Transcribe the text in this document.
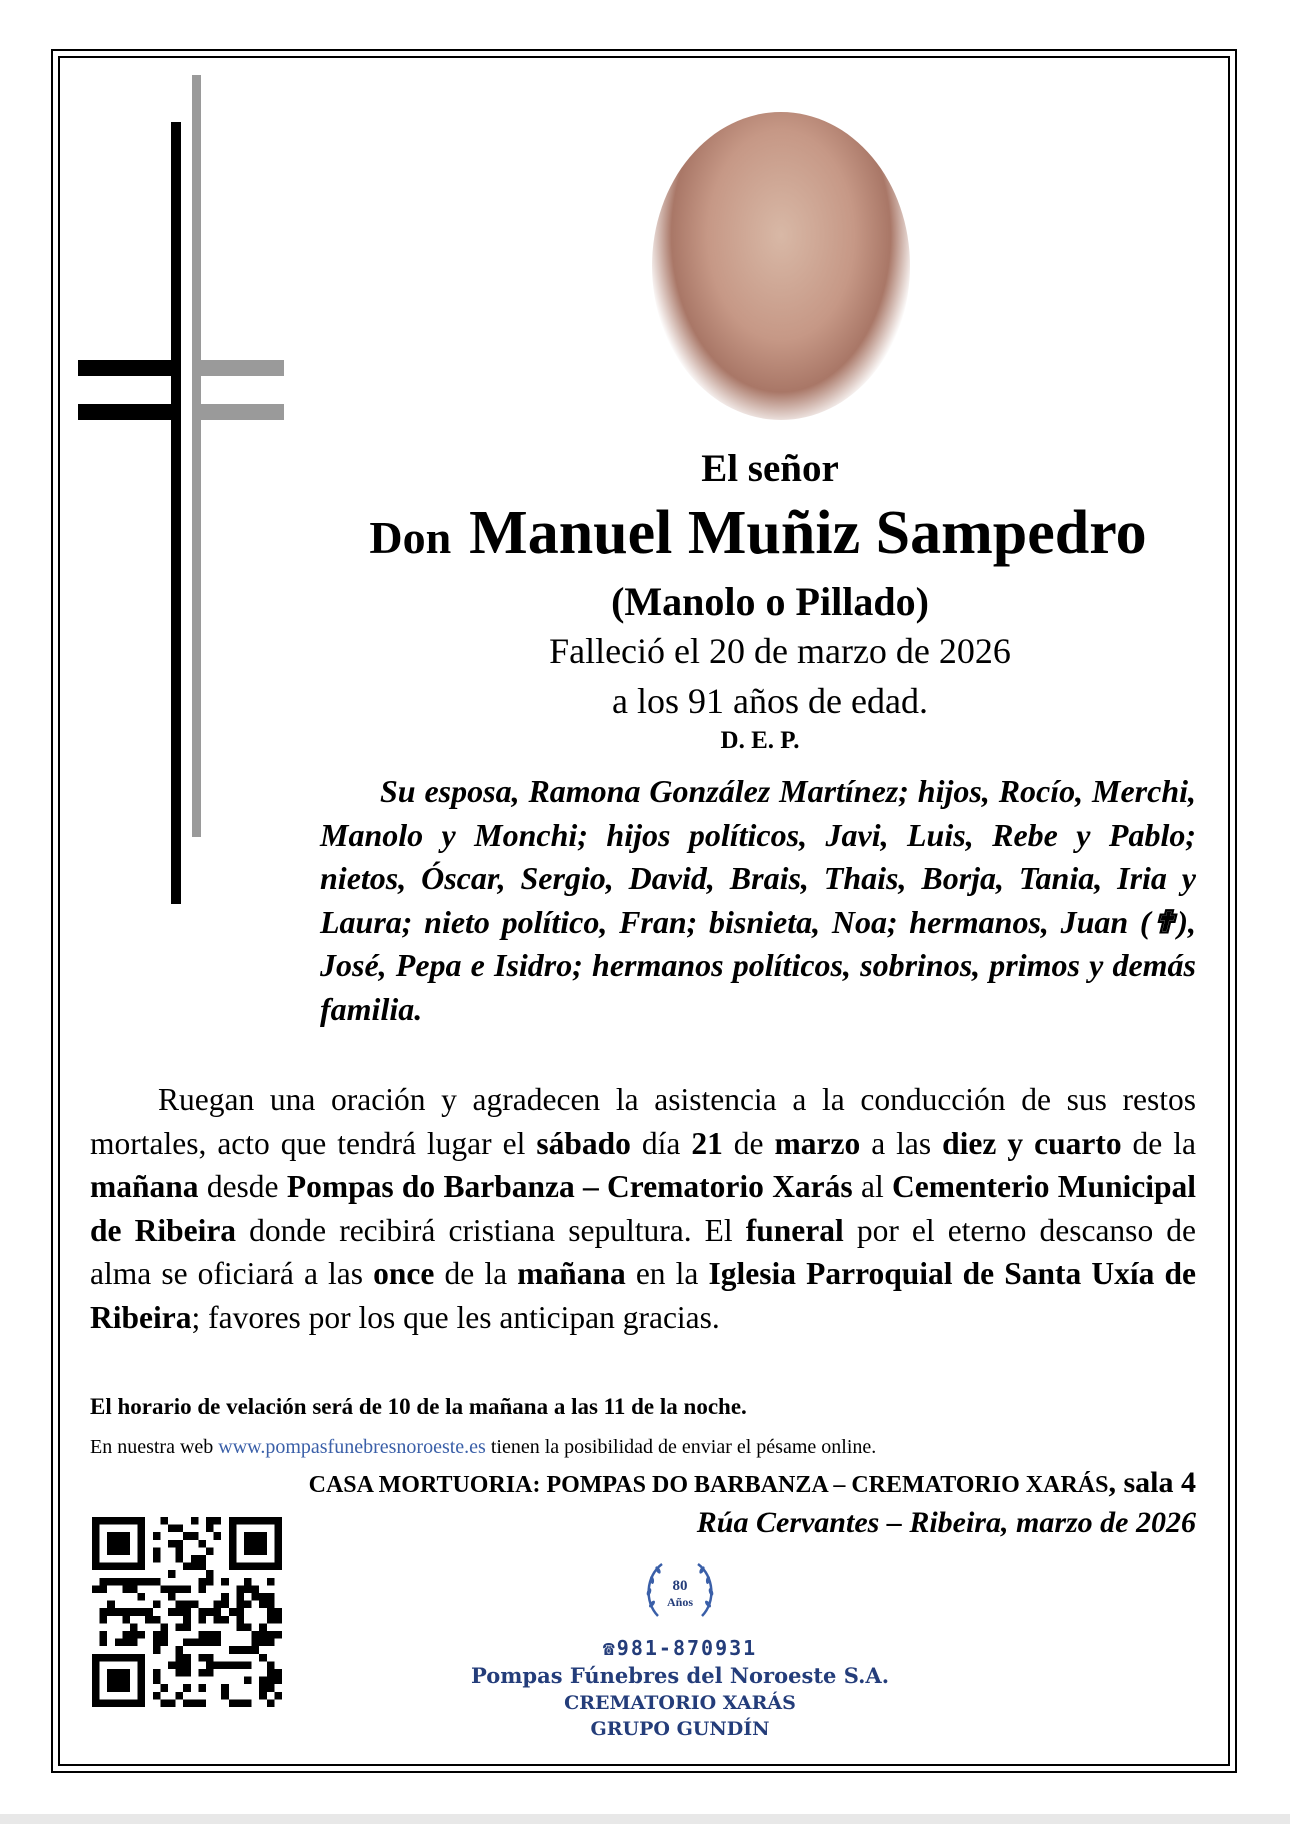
El señor
Don Manuel Muñiz Sampedro
(Manolo o Pillado)
Falleció el 20 de marzo de 2026
a los 91 años de edad.
D. E. P.
Su esposa, Ramona González Martínez; hijos, Rocío, Merchi, Manolo y Monchi; hijos políticos, Javi, Luis, Rebe y Pablo; nietos, Óscar, Sergio, David, Brais, Thais, Borja, Tania, Iria y Laura; nieto político, Fran; bisnieta, Noa; hermanos, Juan (✟), José, Pepa e Isidro; hermanos políticos, sobrinos, primos y demás familia.
Ruegan una oración y agradecen la asistencia a la conducción de sus restos mortales, acto que tendrá lugar el sábado día 21 de marzo a las diez y cuarto de la mañana desde Pompas do Barbanza – Crematorio Xarás al Cementerio Municipal de Ribeira donde recibirá cristiana sepultura. El funeral por el eterno descanso de alma se oficiará a las once de la mañana en la Iglesia Parroquial de Santa Uxía de Ribeira; favores por los que les anticipan gracias.
El horario de velación será de 10 de la mañana a las 11 de la noche.
En nuestra web www.pompasfunebresnoroeste.es tienen la posibilidad de enviar el pésame online.
CASA MORTUORIA: POMPAS DO BARBANZA – CREMATORIO XARÁS, sala 4
Rúa Cervantes – Ribeira, marzo de 2026
80
Años
☎981-870931
Pompas Fúnebres del Noroeste S.A.
CREMATORIO XARÁS
GRUPO GUNDÍN
